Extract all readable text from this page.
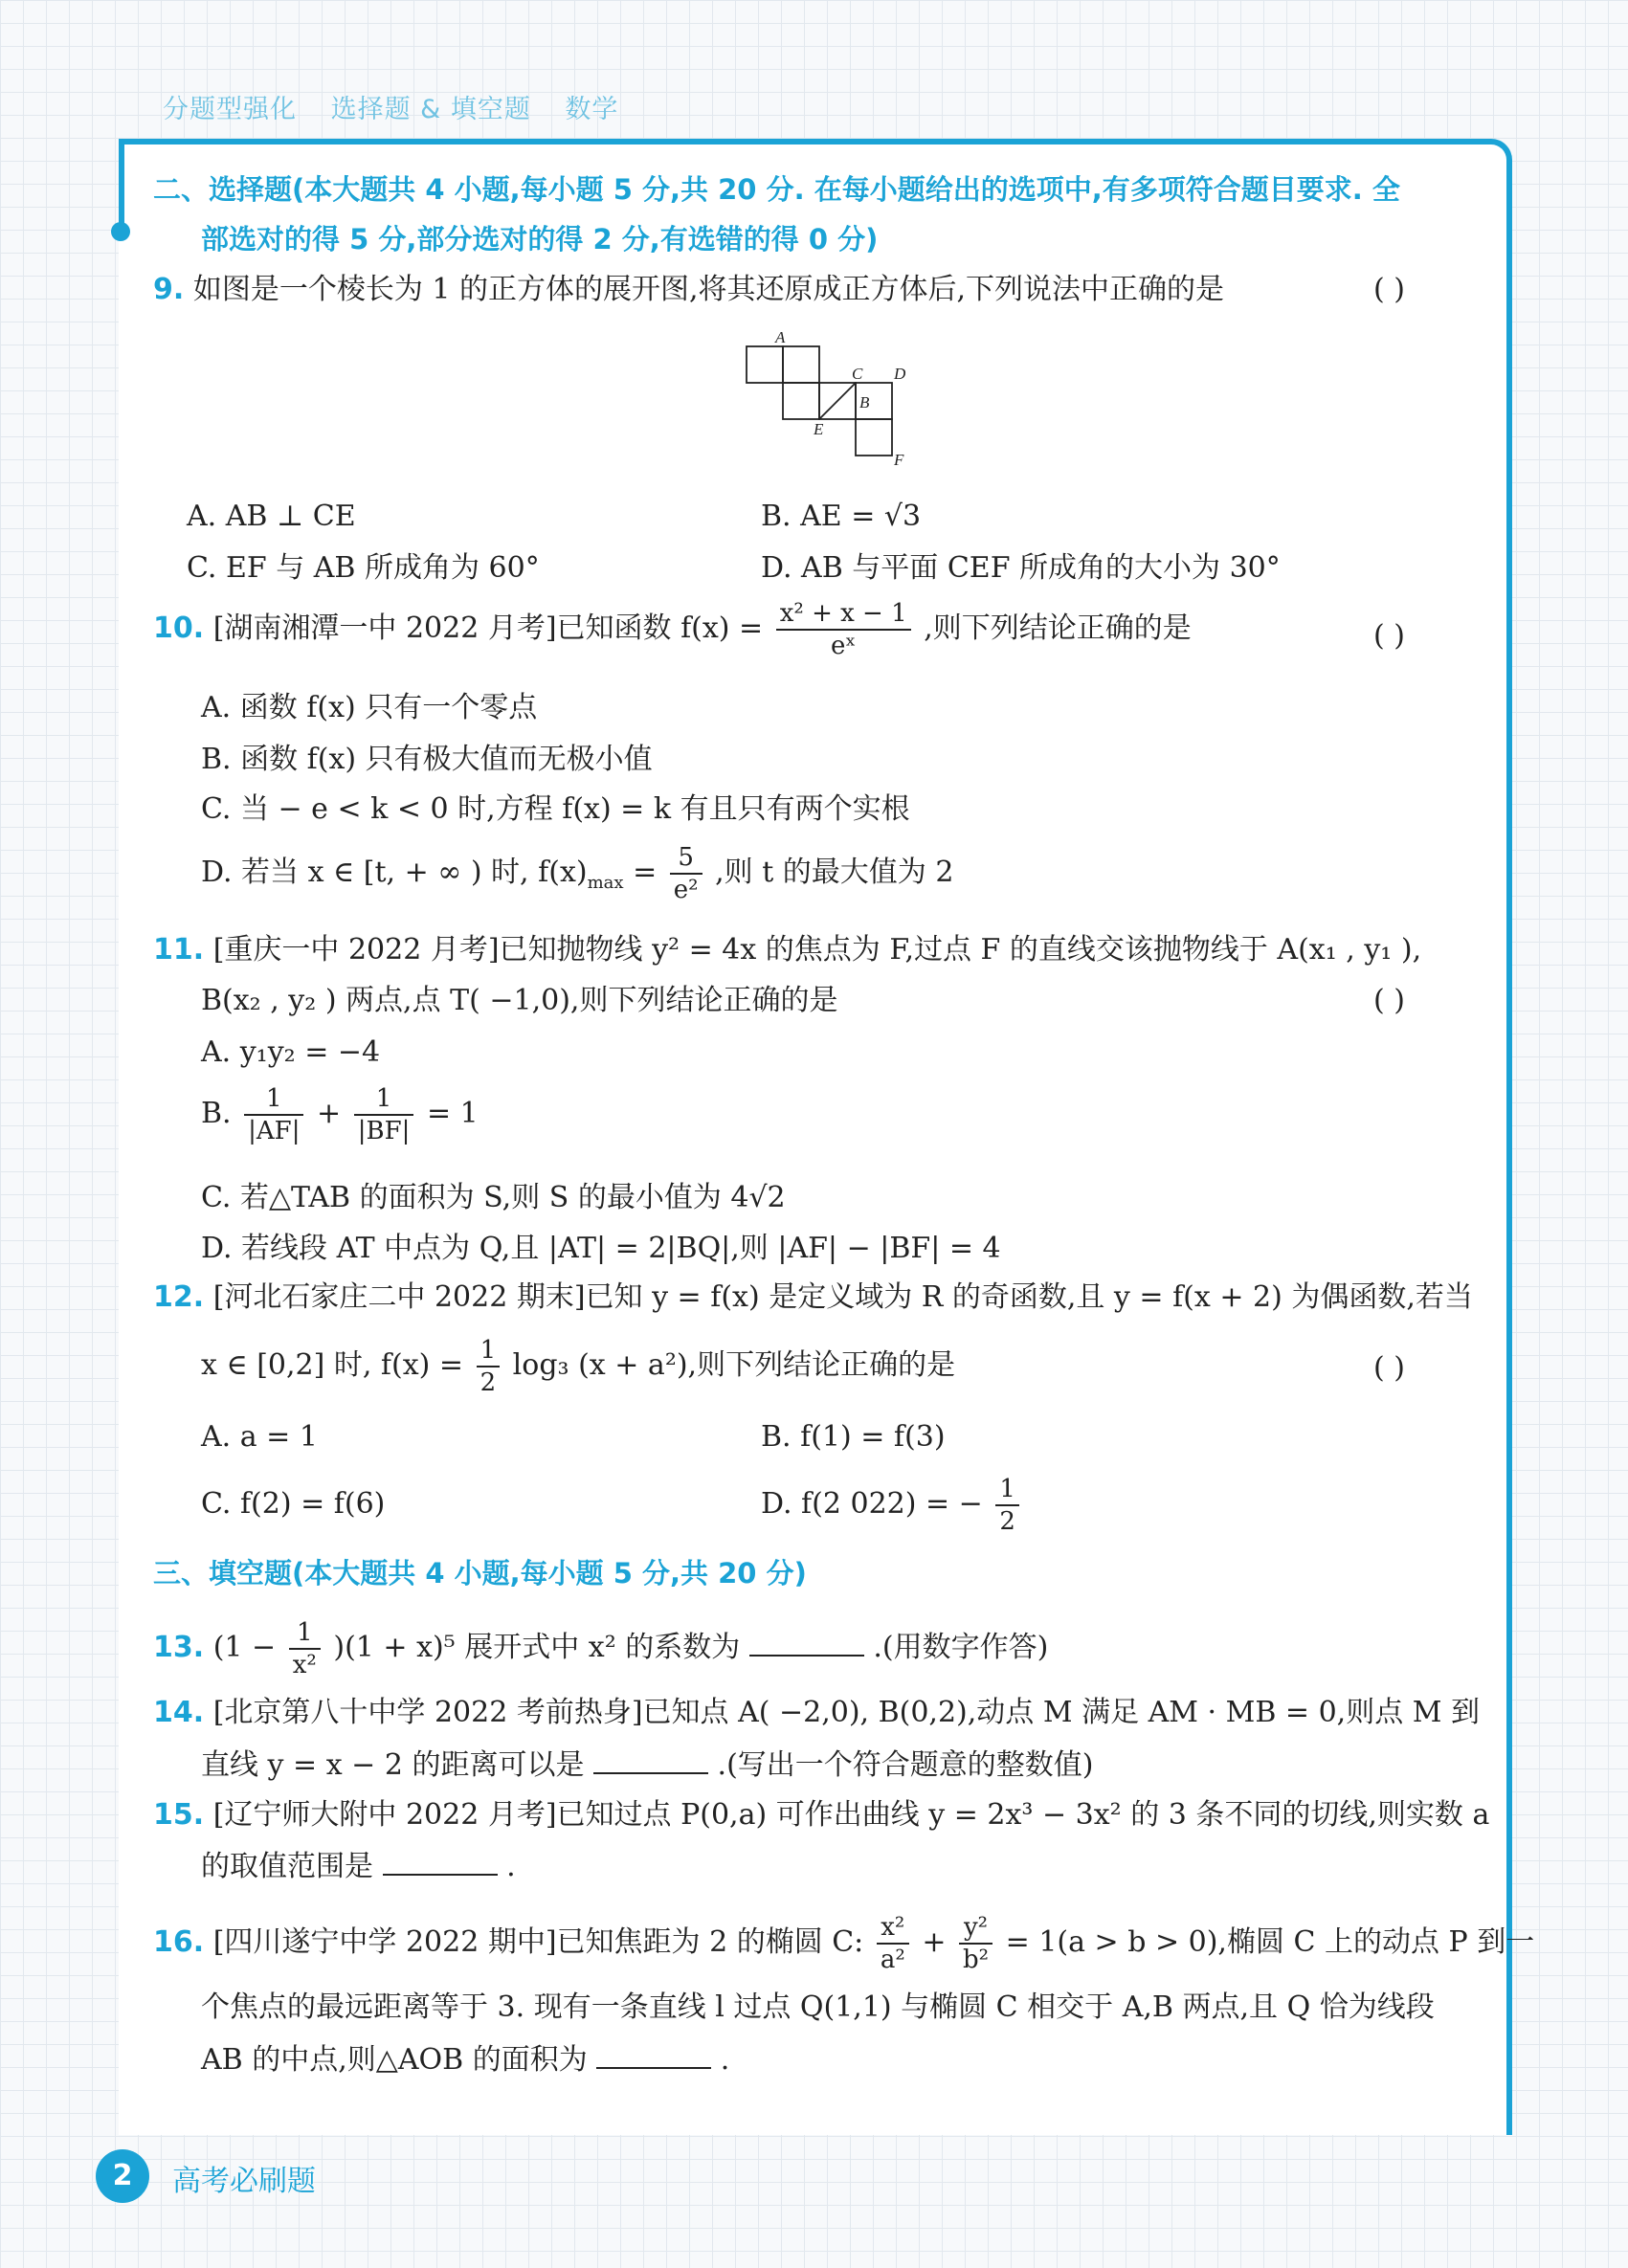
分题型强化 选择题 & 填空题 数学
二、选择题(本大题共 4 小题,每小题 5 分,共 20 分. 在每小题给出的选项中,有多项符合题目要求. 全
部选对的得 5 分,部分选对的得 2 分,有选错的得 0 分)
9. 如图是一个棱长为 1 的正方体的展开图,将其还原成正方体后,下列说法中正确的是	( )
A
C D
B
E
F
A. AB ⊥ CE	B. AE = √3
C. EF 与 AB 所成角为 60°	D. AB 与平面 CEF 所成角的大小为 30°
10. [湖南湘潭一中 2022 月考]已知函数 $f(x) = \frac{\text{x² + x − 1}}{\text{eˣ}}$ ,则下列结论正确的是	( )
A. 函数 f(x) 只有一个零点
B. 函数 f(x) 只有极大值而无极小值
C. 当 − e < k < 0 时,方程 f(x) = k 有且只有两个实根
D. 若当 x ∈ [t, + ∞ ) 时, $f(x)_{max} = \frac{5}{\text{e²}}$ ,则 t 的最大值为 2
11. [重庆一中 2022 月考]已知抛物线 y² = 4x 的焦点为 F,过点 F 的直线交该抛物线于 A(x₁ , y₁ ),
B(x₂ , y₂ ) 两点,点 T( −1,0),则下列结论正确的是	( )
A. y₁y₂ = −4
B. $\frac{1}{|AF|} + \frac{1}{|BF|} = 1$
C. 若△TAB 的面积为 S,则 S 的最小值为 4√2
D. 若线段 AT 中点为 Q,且 |AT| = 2|BQ|,则 |AF| − |BF| = 4
12. [河北石家庄二中 2022 期末]已知 y = f(x) 是定义域为 R 的奇函数,且 y = f(x + 2) 为偶函数,若当
x ∈ [0,2] 时, $f(x) = \frac{1}{2} \log_3$ (x + a²),则下列结论正确的是	( )
A. a = 1	B. f(1) = f(3)
C. f(2) = f(6)	D. f(2 022) = − $\frac{1}{2}$
三、填空题(本大题共 4 小题,每小题 5 分,共 20 分)
13. $(1 - \frac{1}{\text{x²}} )(1 + x)^5$ 展开式中 x² 的系数为	.(用数字作答)
14. [北京第八十中学 2022 考前热身]已知点 A( −2,0), B(0,2),动点 M 满足 AM · MB = 0,则点 M 到
直线 y = x − 2 的距离可以是	.(写出一个符合题意的整数值)
15. [辽宁师大附中 2022 月考]已知过点 P(0,a) 可作出曲线 y = 2x³ − 3x² 的 3 条不同的切线,则实数 a
的取值范围是	.
16. [四川遂宁中学 2022 期中]已知焦距为 2 的椭圆 C: $\frac{\text{x²}}{\text{a²}} + \frac{\text{y²}}{\text{b²}} = 1(a > b > 0)$,椭圆 C 上的动点 P 到一
个焦点的最远距离等于 3. 现有一条直线 l 过点 Q(1,1) 与椭圆 C 相交于 A,B 两点,且 Q 恰为线段
AB 的中点,则△AOB 的面积为	.
2	高考必刷题
